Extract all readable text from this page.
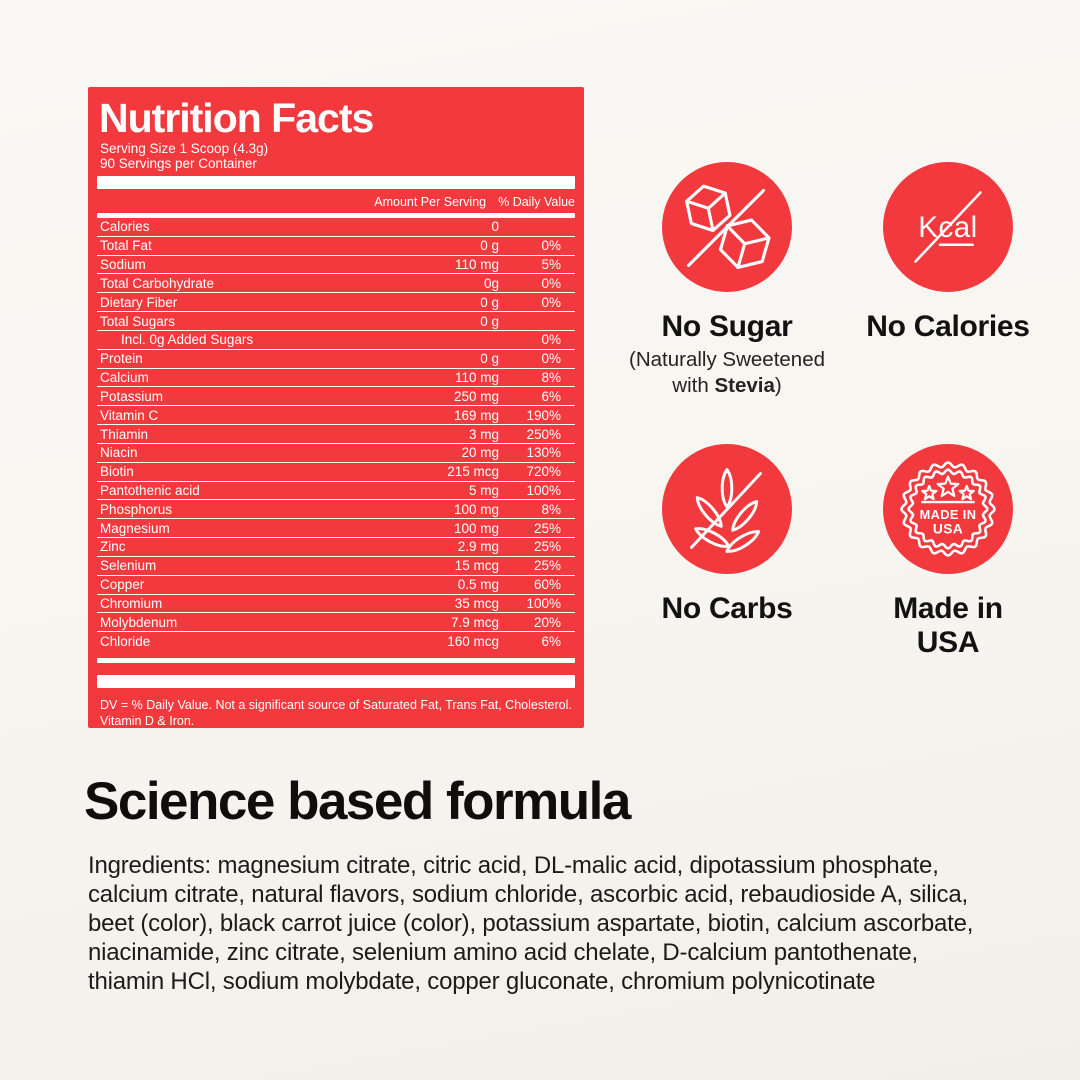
Nutrition Facts
Serving Size 1 Scoop (4.3g)
90 Servings per Container
Amount Per Serving % Daily Value
Calories	0
Total Fat	0 g	0%
Sodium	110 mg	5%
Total Carbohydrate	0g	0%
Dietary Fiber	0 g	0%
Total Sugars	0 g
Incl. 0g Added Sugars	0%
Protein	0 g	0%
Calcium	110 mg	8%
Potassium	250 mg	6%
Vitamin C	169 mg	190%
Thiamin	3 mg	250%
Niacin	20 mg	130%
Biotin	215 mcg	720%
Pantothenic acid	5 mg	100%
Phosphorus	100 mg	8%
Magnesium	100 mg	25%
Zinc	2.9 mg	25%
Selenium	15 mcg	25%
Copper	0.5 mg	60%
Chromium	35 mcg	100%
Molybdenum	7.9 mcg	20%
Chloride	160 mcg	6%

DV = % Daily Value. Not a significant source of Saturated Fat, Trans Fat, Cholesterol.
Vitamin D & Iron.

No Sugar
(Naturally Sweetened
with Stevia)
Kcal
No Calories
No Carbs
MADE IN
USA
Made in USA
Science based formula

Ingredients: magnesium citrate, citric acid, DL-malic acid, dipotassium phosphate, calcium citrate, natural flavors, sodium chloride, ascorbic acid, rebaudioside A, silica, beet (color), black carrot juice (color), potassium aspartate, biotin, calcium ascorbate, niacinamide, zinc citrate, selenium amino acid chelate, D-calcium pantothenate, thiamin HCl, sodium molybdate, copper gluconate, chromium polynicotinate
